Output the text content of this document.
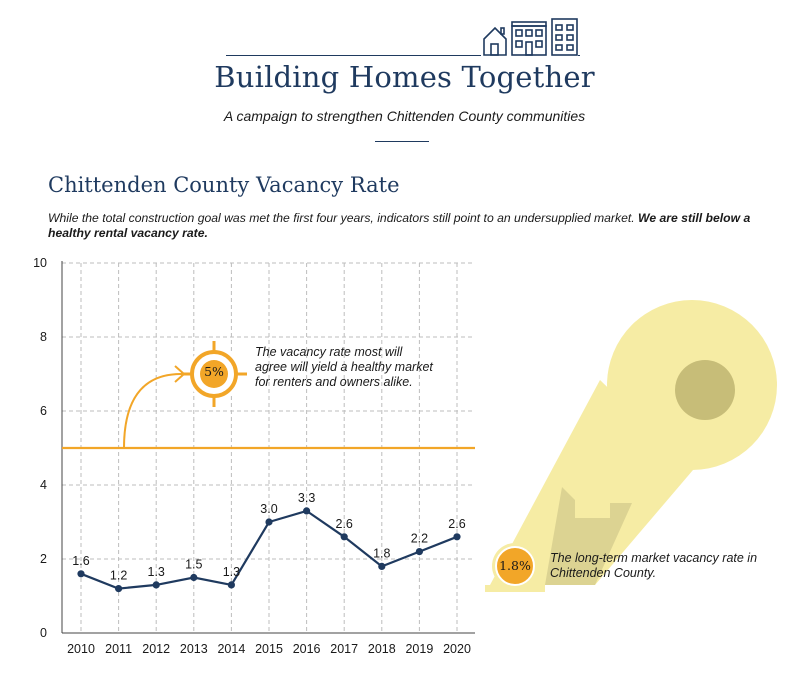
Building Homes Together
A campaign to strengthen Chittenden County communities
Chittenden County Vacancy Rate
While the total construction goal was met the first four years, indicators still point to an undersupplied market. We are still below a healthy rental vacancy rate.
0
2
4
6
8
10
2010 2011 2012 2013 2014 2015 2016 2017 2018 2019 2020
1.6
1.2 1.3
1.5
1.3
3.0
3.3
2.6
1.8
2.2
2.6
5%
The vacancy rate most will agree will yield a healthy market for renters and owners alike.
1.8%	The long-term market vacancy rate in Chittenden County.
